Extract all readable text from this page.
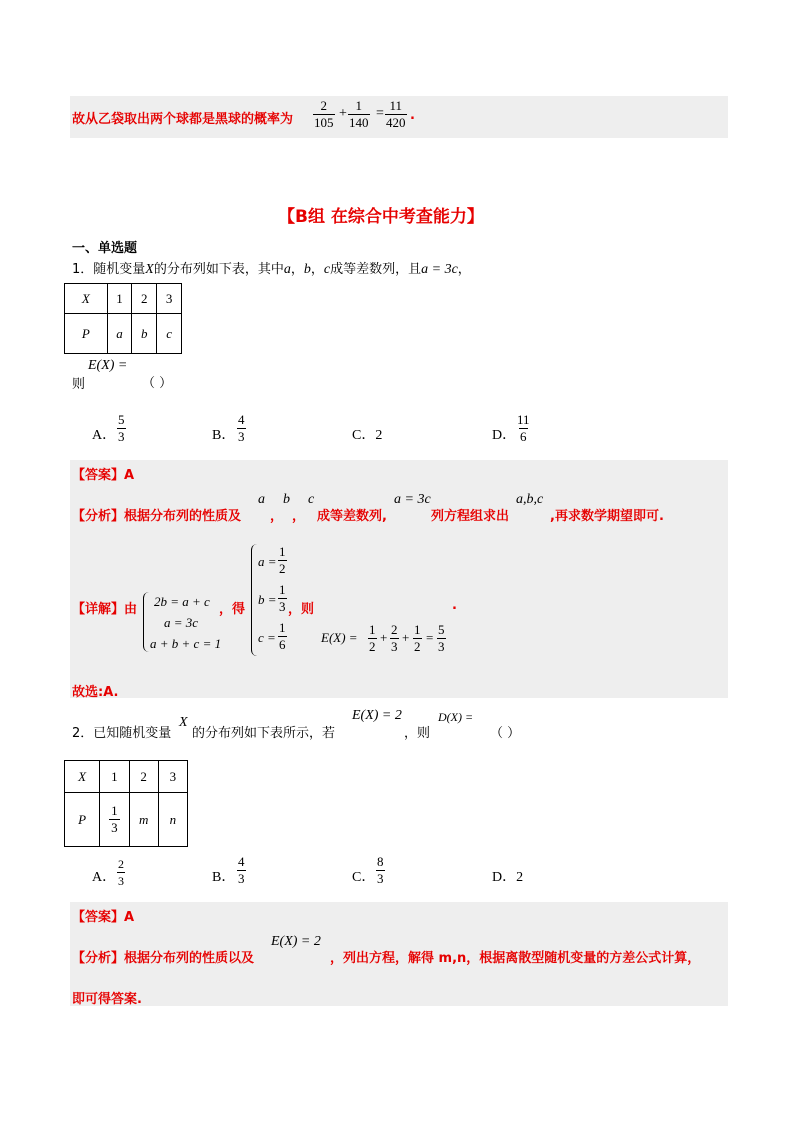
故从乙袋取出两个球都是黑球的概率为 $\frac{2}{105} + \frac{1}{140} = \frac{11}{420}$ .
【B组 在综合中考查能力】
一、单选题
1．随机变量X的分布列如下表，其中a，b，c成等差数列，且a = 3c，
X	1	2	3
P	a	b	c
则
E(X) =
（ ）
A． $\frac{5}{3}$	B． $\frac{4}{3}$	C．2	D． $\frac{11}{6}$
【答案】A
【分析】根据分布列的性质及
a
，
b
，
c
成等差数列,
a = 3c
列方程组求出
a,b,c
,再求数学期望即可.
【详解】由
2b = a + c
a = 3c
a + b + c = 1
，得
$a = \frac{1}{2}$
$b = \frac{1}{3}$
$c = \frac{1}{6}$
，则
$E(X) = \frac{1}{2} + \frac{2}{3} + \frac{1}{2} = \frac{5}{3}$
.
故选:A.
2．已知随机变量
X
的分布列如下表所示，若
E(X) = 2
，则
D(X) =
（ ）
X	1	2	3
P	$\frac{1}{3}$	m	n
A． $\frac{2}{3}$	B． $\frac{4}{3}$	C． $\frac{8}{3}$	D．2
【答案】A
【分析】根据分布列的性质以及
E(X) = 2
，列出方程，解得 m,n，根据离散型随机变量的方差公式计算，
即可得答案.
